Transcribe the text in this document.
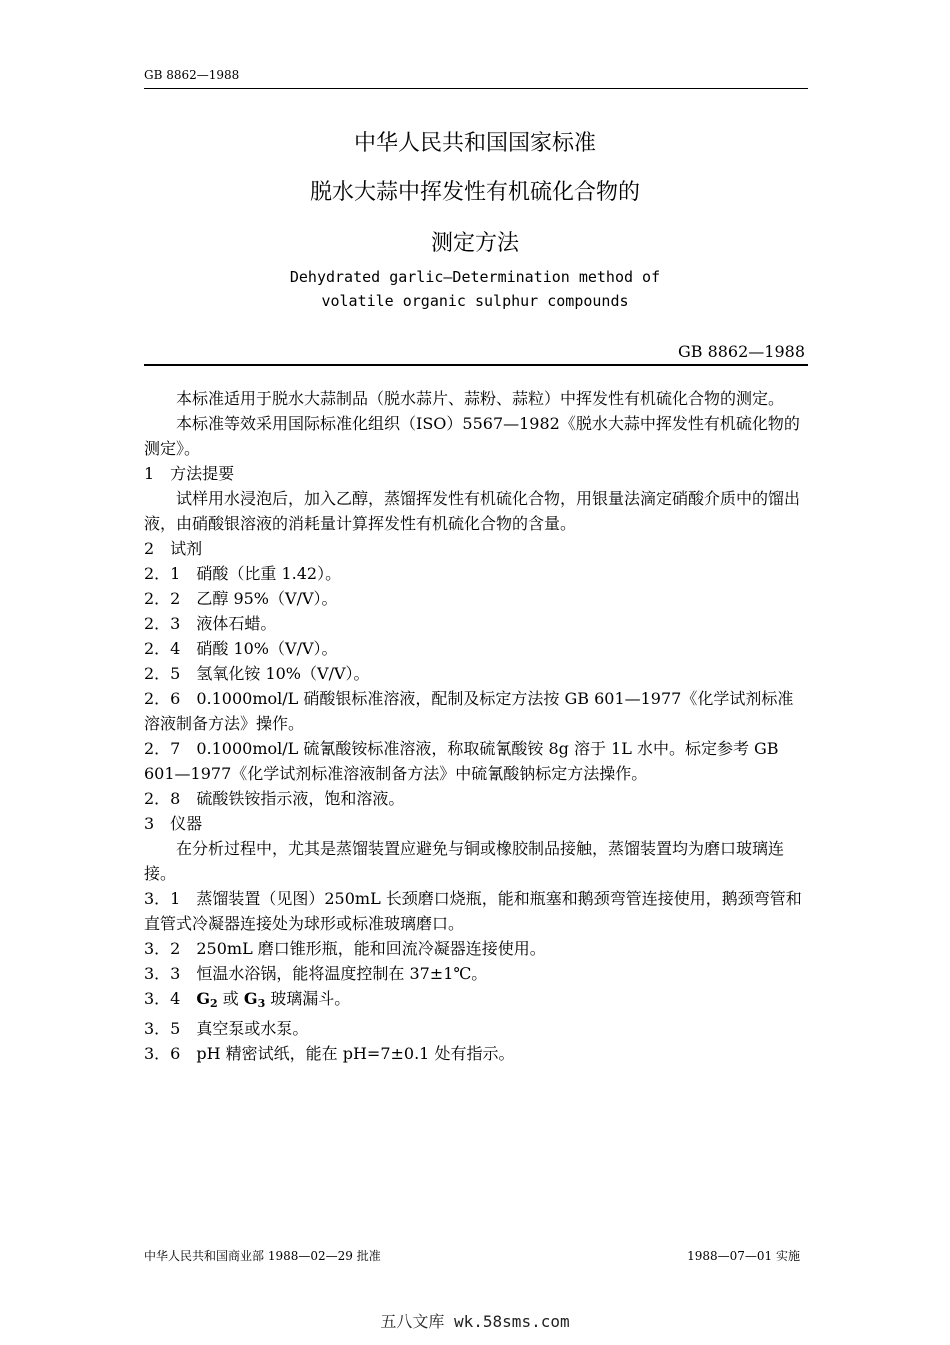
GB 8862—1988
中华人民共和国国家标准
脱水大蒜中挥发性有机硫化合物的
测定方法
Dehydrated garlic—Determination method of
volatile organic sulphur compounds
GB 8862—1988

本标准适用于脱水大蒜制品（脱水蒜片、蒜粉、蒜粒）中挥发性有机硫化合物的测定。

本标准等效采用国际标准化组织（ISO）5567—1982《脱水大蒜中挥发性有机硫化物的测定》。

1　方法提要

试样用水浸泡后，加入乙醇，蒸馏挥发性有机硫化合物，用银量法滴定硝酸介质中的馏出液，由硝酸银溶液的消耗量计算挥发性有机硫化合物的含量。

2　试剂

2．1　硝酸（比重 1.42）。

2．2　乙醇 95%（V/V）。

2．3　液体石蜡。

2．4　硝酸 10%（V/V）。

2．5　氢氧化铵 10%（V/V）。

2．6　0.1000mol/L 硝酸银标准溶液，配制及标定方法按 GB 601—1977《化学试剂标准溶液制备方法》操作。

2．7　0.1000mol/L 硫氰酸铵标准溶液，称取硫氰酸铵 8g 溶于 1L 水中。标定参考 GB 601—1977《化学试剂标准溶液制备方法》中硫氰酸钠标定方法操作。

2．8　硫酸铁铵指示液，饱和溶液。

3　仪器

在分析过程中，尤其是蒸馏装置应避免与铜或橡胶制品接触，蒸馏装置均为磨口玻璃连接。

3．1　蒸馏装置（见图）250mL 长颈磨口烧瓶，能和瓶塞和鹅颈弯管连接使用，鹅颈弯管和直管式冷凝器连接处为球形或标准玻璃磨口。

3．2　250mL 磨口锥形瓶，能和回流冷凝器连接使用。

3．3　恒温水浴锅，能将温度控制在 37±1℃。

3．4　$G_2$ 或 $G_3$ 玻璃漏斗。

3．5　真空泵或水泵。

3．6　pH 精密试纸，能在 pH=7±0.1 处有指示。

中华人民共和国商业部 1988—02—29 批准	1988—07—01 实施
五八文库 wk.58sms.com
